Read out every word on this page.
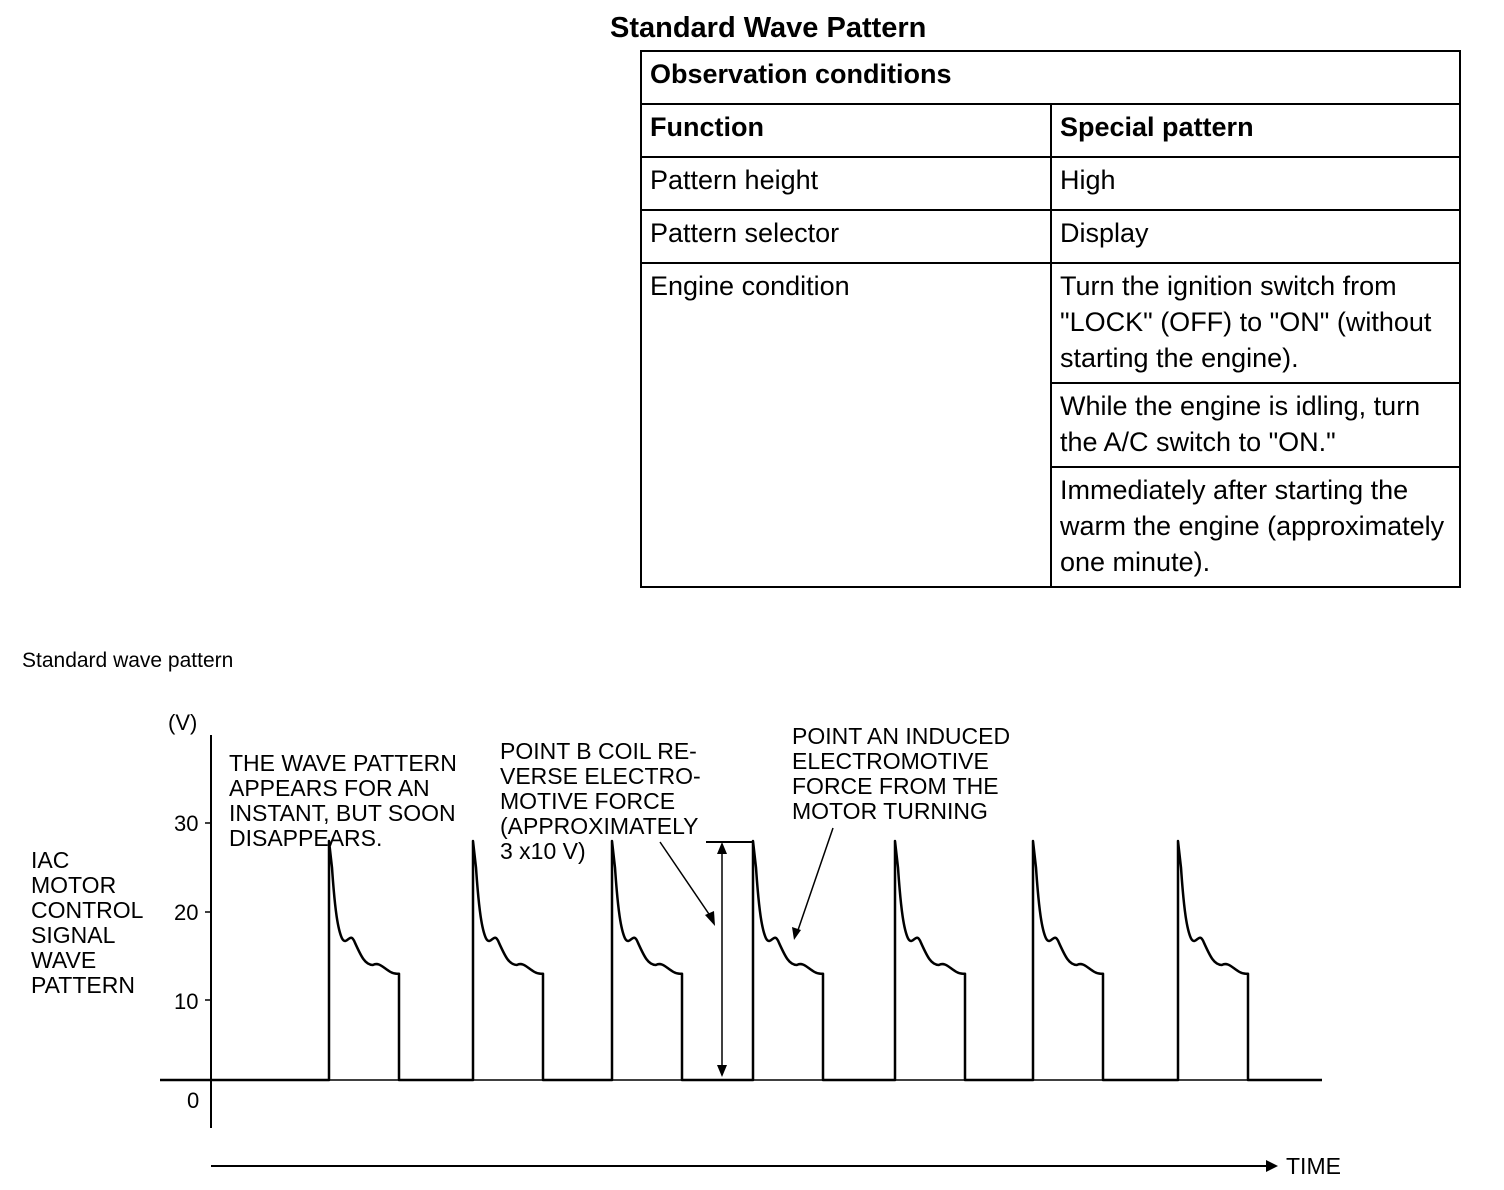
Standard Wave Pattern
Observation conditions	
Function	Special pattern
Pattern height	High
Pattern selector	Display
Engine condition	Turn the ignition switch from "LOCK" (OFF) to "ON" (without starting the engine).
	While the engine is idling, turn the A/C switch to "ON."
	Immediately after starting the warm the engine (approximately one minute).
Standard wave pattern
(V)
30
20
10
0
TIME
IAC
MOTOR
CONTROL
SIGNAL
WAVE
PATTERN
THE WAVE PATTERN
APPEARS FOR AN
INSTANT, BUT SOON
DISAPPEARS.
POINT B COIL RE-
VERSE ELECTRO-
MOTIVE FORCE
(APPROXIMATELY
3 x10 V)
POINT AN INDUCED
ELECTROMOTIVE
FORCE FROM THE
MOTOR TURNING
